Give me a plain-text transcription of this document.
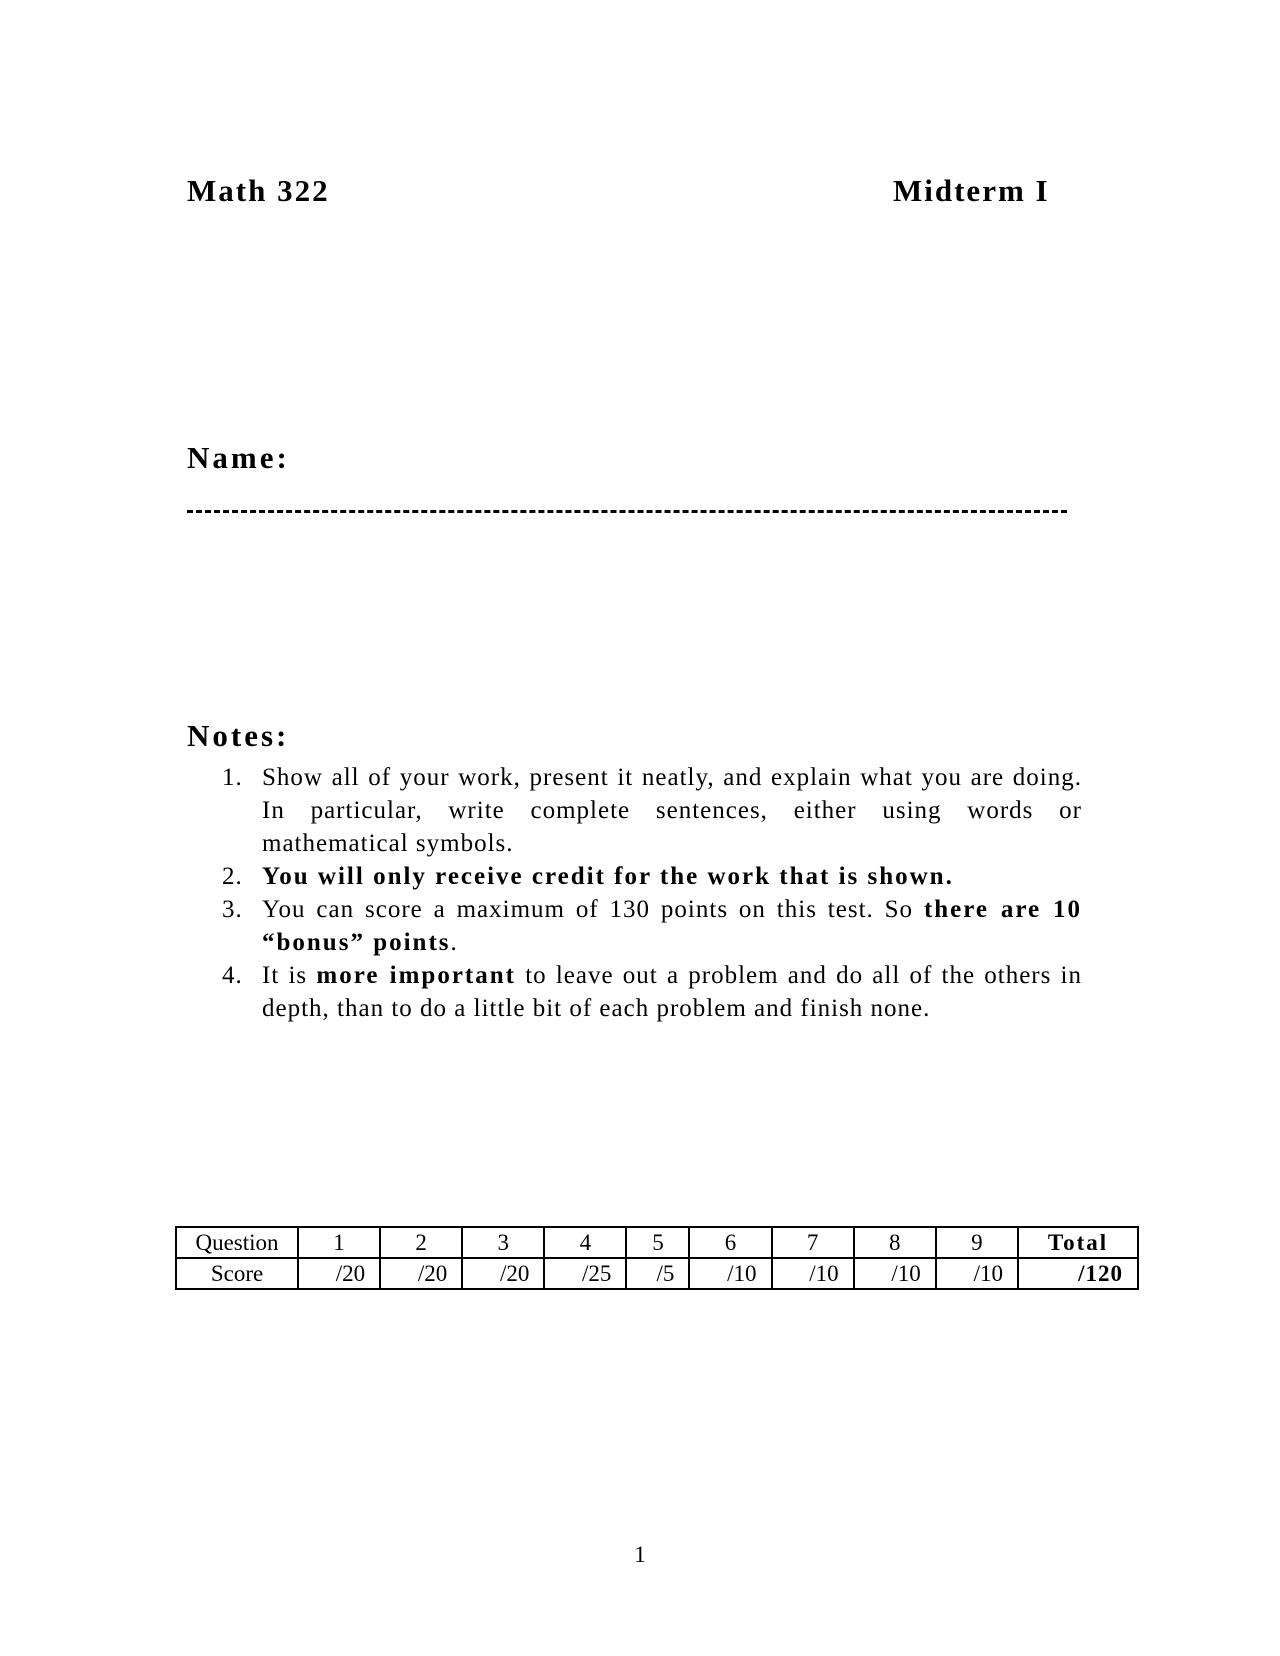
Math 322	Midterm I
Name:
Notes:
1. Show all of your work, present it neatly, and explain what you are doing. In particular, write complete sentences, either using words or mathematical symbols.
2. You will only receive credit for the work that is shown.
3. You can score a maximum of 130 points on this test. So there are 10 “bonus” points.
4. It is more important to leave out a problem and do all of the others in depth, than to do a little bit of each problem and finish none.
Question	1	2	3	4	5	6	7	8	9	Total
Score	/20	/20	/20	/25	/5	/10	/10	/10	/10	/120
1
